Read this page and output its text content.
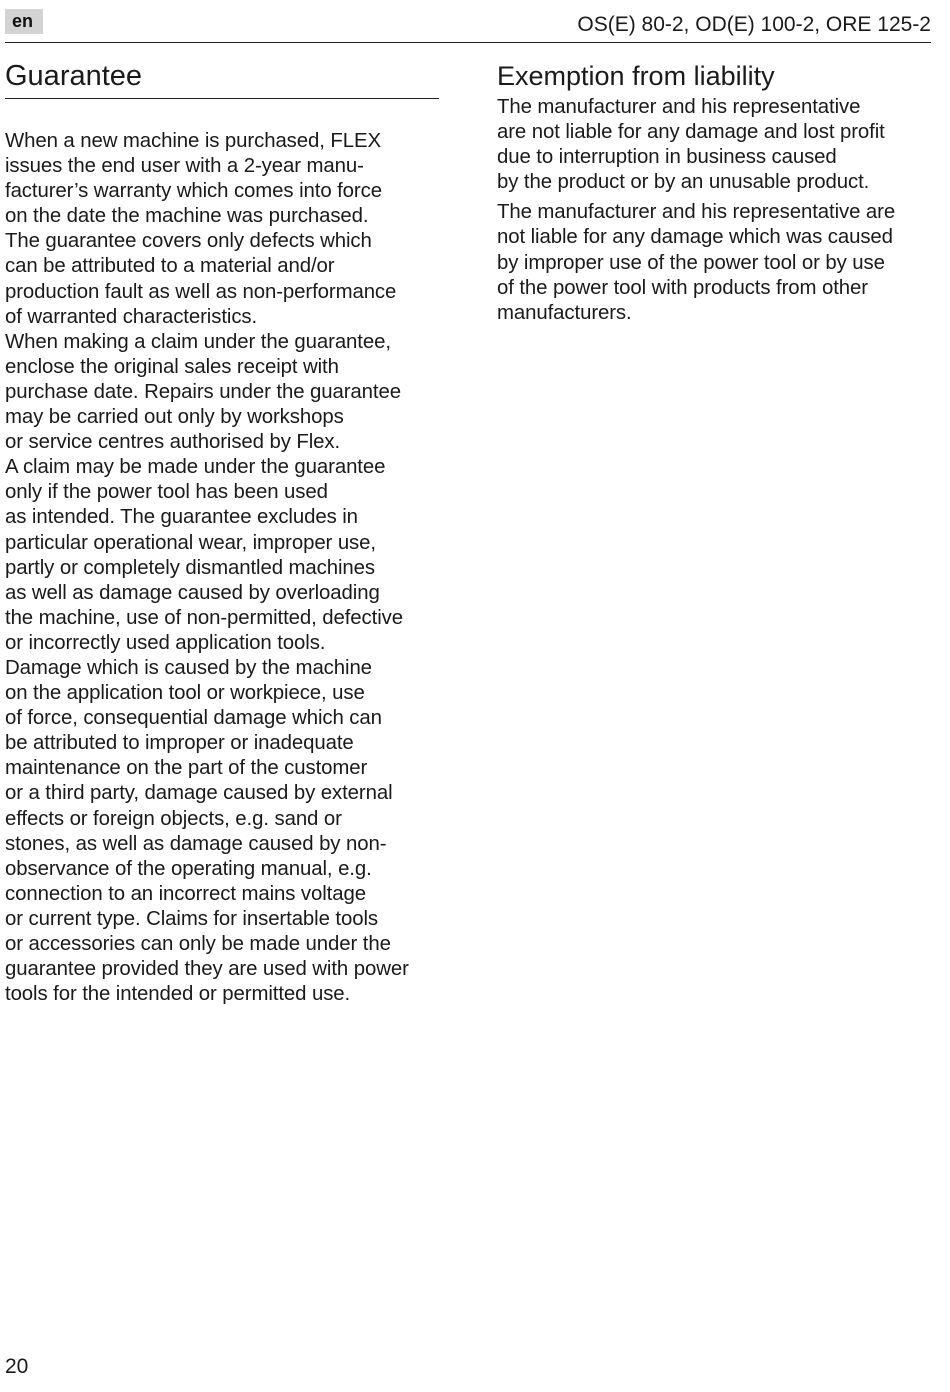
en	OS(E) 80-2, OD(E) 100-2, ORE 125-2
Guarantee

When a new machine is purchased, FLEX
issues the end user with a 2-year manu-
facturer’s warranty which comes into force
on the date the machine was purchased.
The guarantee covers only defects which
can be attributed to a material and/or
production fault as well as non-performance
of warranted characteristics.
When making a claim under the guarantee,
enclose the original sales receipt with
purchase date. Repairs under the guarantee
may be carried out only by workshops
or service centres authorised by Flex.
A claim may be made under the guarantee
only if the power tool has been used
as intended. The guarantee excludes in
particular operational wear, improper use,
partly or completely dismantled machines
as well as damage caused by overloading
the machine, use of non-permitted, defective
or incorrectly used application tools.
Damage which is caused by the machine
on the application tool or workpiece, use
of force, consequential damage which can
be attributed to improper or inadequate
maintenance on the part of the customer
or a third party, damage caused by external
effects or foreign objects, e.g. sand or
stones, as well as damage caused by non-
observance of the operating manual, e.g.
connection to an incorrect mains voltage
or current type. Claims for insertable tools
or accessories can only be made under the
guarantee provided they are used with power
tools for the intended or permitted use.

Exemption from liability

The manufacturer and his representative
are not liable for any damage and lost profit
due to interruption in business caused
by the product or by an unusable product.

The manufacturer and his representative are
not liable for any damage which was caused
by improper use of the power tool or by use
of the power tool with products from other
manufacturers.

20
